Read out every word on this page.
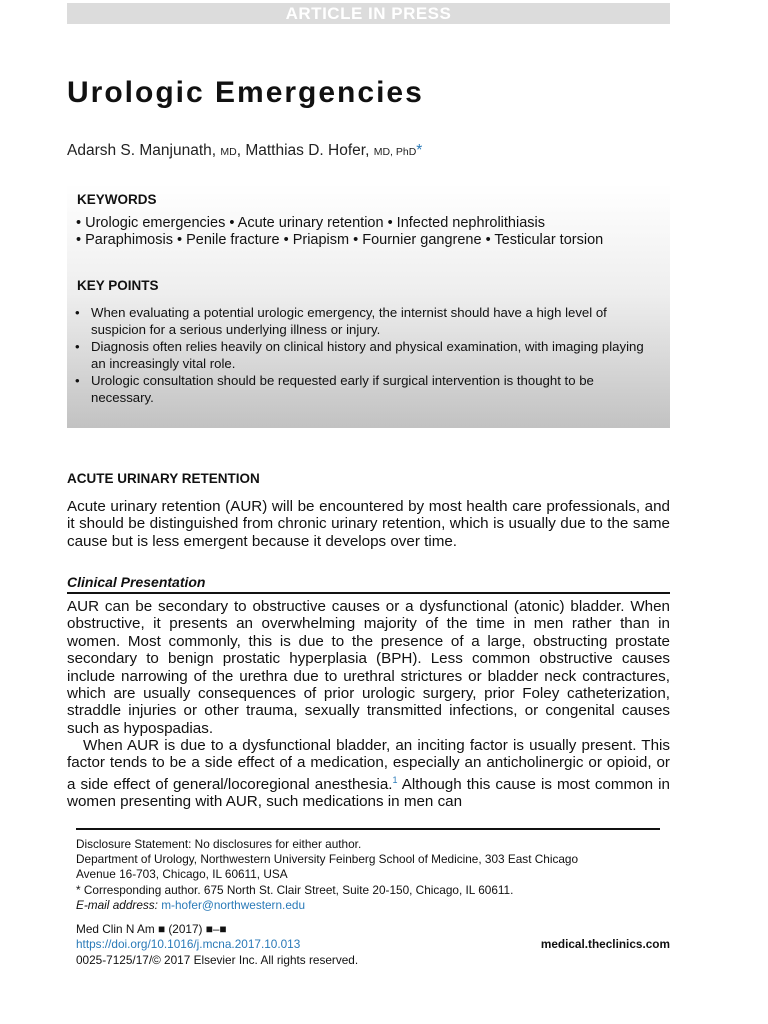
ARTICLE IN PRESS
Urologic Emergencies
Adarsh S. Manjunath, MD, Matthias D. Hofer, MD, PhD*
KEYWORDS
• Urologic emergencies • Acute urinary retention • Infected nephrolithiasis
• Paraphimosis • Penile fracture • Priapism • Fournier gangrene • Testicular torsion
KEY POINTS
• When evaluating a potential urologic emergency, the internist should have a high level of suspicion for a serious underlying illness or injury.
• Diagnosis often relies heavily on clinical history and physical examination, with imaging playing an increasingly vital role.
• Urologic consultation should be requested early if surgical intervention is thought to be necessary.
ACUTE URINARY RETENTION

Acute urinary retention (AUR) will be encountered by most health care professionals, and it should be distinguished from chronic urinary retention, which is usually due to the same cause but is less emergent because it develops over time.

Clinical Presentation

AUR can be secondary to obstructive causes or a dysfunctional (atonic) bladder. When obstructive, it presents an overwhelming majority of the time in men rather than in women. Most commonly, this is due to the presence of a large, obstructing prostate secondary to benign prostatic hyperplasia (BPH). Less common obstructive causes include narrowing of the urethra due to urethral strictures or bladder neck contractures, which are usually consequences of prior urologic surgery, prior Foley catheterization, straddle injuries or other trauma, sexually transmitted infections, or congenital causes such as hypospadias.

When AUR is due to a dysfunctional bladder, an inciting factor is usually present. This factor tends to be a side effect of a medication, especially an anticholinergic or opioid, or a side effect of general/locoregional anesthesia.$^1$ Although this cause is most common in women presenting with AUR, such medications in men can

Disclosure Statement: No disclosures for either author.
Department of Urology, Northwestern University Feinberg School of Medicine, 303 East Chicago
Avenue 16-703, Chicago, IL 60611, USA
* Corresponding author. 675 North St. Clair Street, Suite 20-150, Chicago, IL 60611.
E-mail address: m-hofer@northwestern.edu
Med Clin N Am ■ (2017) ■–■
https://doi.org/10.1016/j.mcna.2017.10.013	medical.theclinics.com
0025-7125/17/© 2017 Elsevier Inc. All rights reserved.
